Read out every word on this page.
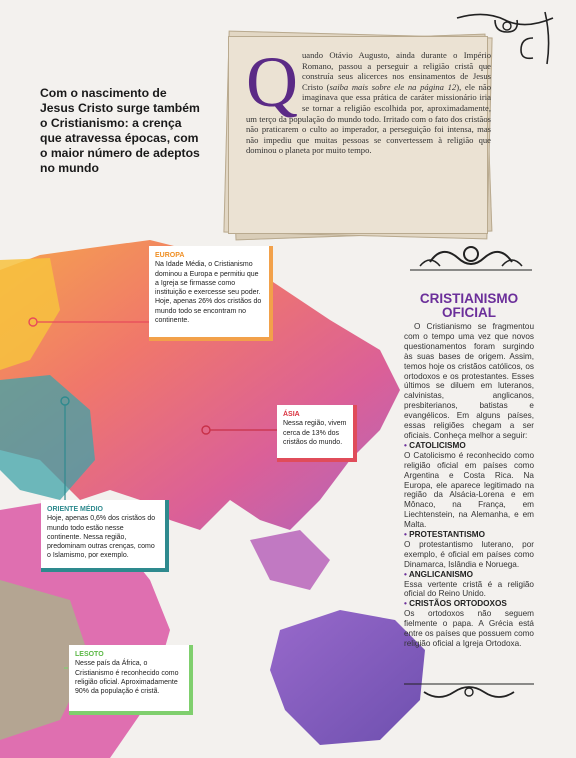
Com o nascimento de Jesus Cristo surge também o Cristianismo: a crença que atravessa épocas, com o maior número de adeptos no mundo
Quando Otávio Augusto, ainda durante o Império Romano, passou a perseguir a religião cristã que construía seus alicerces nos ensinamentos de Jesus Cristo (saiba mais sobre ele na página 12), ele não imaginava que essa prática de caráter missionário iria se tornar a religião escolhida por, aproximadamente, um terço da população do mundo todo. Irritado com o fato dos cristãos não praticarem o culto ao imperador, a perseguição foi intensa, mas não impediu que muitas pessoas se convertessem à religião que dominou o planeta por muito tempo.
CRISTIANISMO OFICIAL

O Cristianismo se fragmentou com o tempo uma vez que novos questionamentos foram surgindo às suas bases de origem. Assim, temos hoje os cristãos católicos, os ortodoxos e os protestantes. Esses últimos se diluem em luteranos, calvinistas, anglicanos, presbiterianos, batistas e evangélicos. Em alguns países, essas religiões chegam a ser oficiais. Conheça melhor a seguir:

• CATOLICISMO

O Catolicismo é reconhecido como religião oficial em países como Argentina e Costa Rica. Na Europa, ele aparece legitimado na região da Alsácia-Lorena e em Mônaco, na França, em Liechtenstein, na Alemanha, e em Malta.

• PROTESTANTISMO

O protestantismo luterano, por exemplo, é oficial em países como Dinamarca, Islândia e Noruega.

• ANGLICANISMO

Essa vertente cristã é a religião oficial do Reino Unido.

• CRISTÃOS ORTODOXOS

Os ortodoxos não seguem fielmente o papa. A Grécia está entre os países que possuem como religião oficial a Igreja Ortodoxa.

EUROPA
Na Idade Média, o Cristianismo dominou a Europa e permitiu que a Igreja se firmasse como instituição e exercesse seu poder. Hoje, apenas 26% dos cristãos do mundo todo se encontram no continente.
ÁSIA
Nessa região, vivem cerca de 13% dos cristãos do mundo.
ORIENTE MÉDIO
Hoje, apenas 0,6% dos cristãos do mundo todo estão nesse continente. Nessa região, predominam outras crenças, como o Islamismo, por exemplo.
LESOTO
Nesse país da África, o Cristianismo é reconhecido como religião oficial. Aproximadamente 90% da população é cristã.
